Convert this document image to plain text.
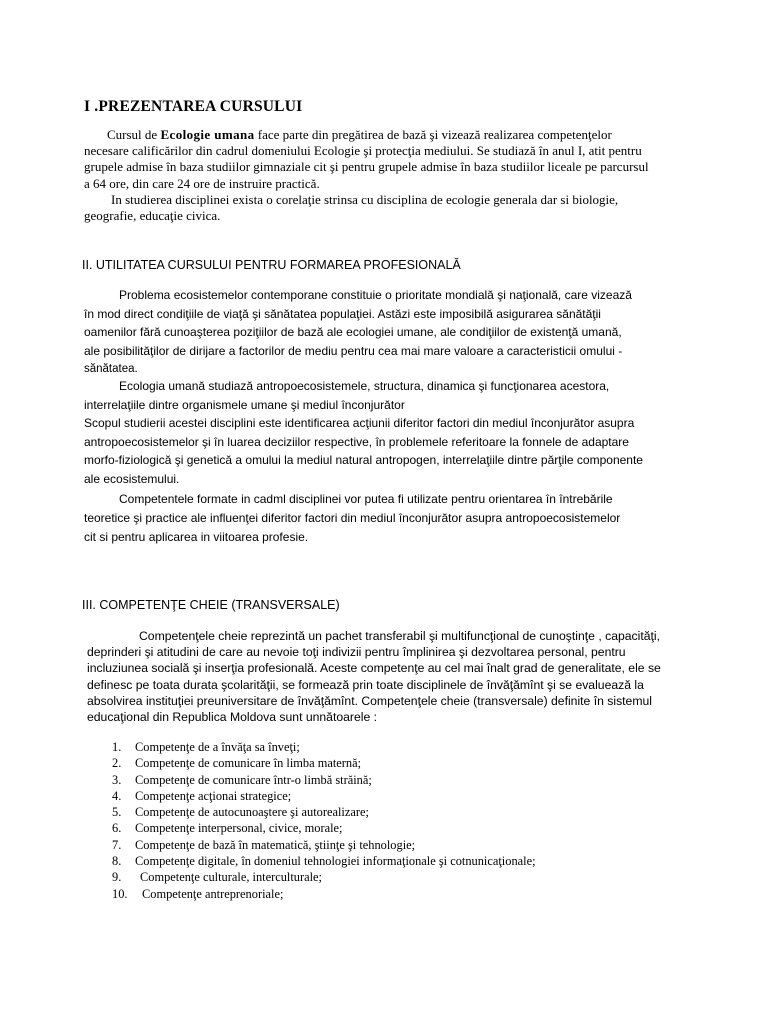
I .PREZENTAREA CURSULUI

Cursul de Ecologie umana face parte din pregătirea de bază şi vizează realizarea competenţelor
necesare calificărilor din cadrul domeniului Ecologie şi protecţia mediului. Se studiază în anul I, atit pentru
grupele admise în baza studiilor gimnaziale cit şi pentru grupele admise în baza studiilor liceale pe parcursul
a 64 ore, din care 24 ore de instruire practică.

In studierea disciplinei exista o corelaţie strinsa cu disciplina de ecologie generala dar si biologie,
geografie, educaţie civica.

II. UTILITATEA CURSULUI PENTRU FORMAREA PROFESIONALĂ

Problema ecosistemelor contemporane constituie o prioritate mondială şi naţională, care vizează
în mod direct condiţiile de viaţă şi sănătatea populaţiei. Astăzi este imposibilă asigurarea sănătăţii
oamenilor fără cunoaşterea poziţiilor de bază ale ecologiei umane, ale condiţiilor de existenţă umană,
ale posibilităţilor de dirijare a factorilor de mediu pentru cea mai mare valoare a caracteristicii omului -
sănătatea.

Ecologia umană studiază antropoecosistemele, structura, dinamica şi funcţionarea acestora,
interrelaţiile dintre organismele umane şi mediul înconjurător
Scopul studierii acestei disciplini este identificarea acţiunii diferitor factori din mediul înconjurător asupra
antropoecosistemelor şi în luarea deciziilor respective, în problemele referitoare la fonnele de adaptare
morfo-fiziologică şi genetică a omului la mediul natural antropogen, interrelaţiile dintre părţile componente
ale ecosistemului.

Competentele formate in cadml disciplinei vor putea fi utilizate pentru orientarea în întrebările
teoretice şi practice ale influenţei diferitor factori din mediul înconjurător asupra antropoecosistemelor
cit si pentru aplicarea in viitoarea profesie.

III. COMPETENŢE CHEIE (TRANSVERSALE)

Competenţele cheie reprezintă un pachet transferabil şi multifuncţional de cunoştinţe , capacităţi,
deprinderi şi atitudini de care au nevoie toţi indivizii pentru împlinirea şi dezvoltarea personal, pentru
incluziunea socială şi inserţia profesională. Aceste competenţe au cel mai înalt grad de generalitate, ele se
definesc pe toata durata şcolarităţii, se formează prin toate disciplinele de învăţămînt şi se evaluează la
absolvirea instituţiei preuniversitare de învăţămînt. Competenţele cheie (transversale) definite în sistemul
educaţional din Republica Moldova sunt unnătoarele :

1.	Competenţe de a învăţa sa înveţi;
2.	Competenţe de comunicare în limba maternă;
3.	Competenţe de comunicare într-o limbă străină;
4.	Competenţe acţionai strategice;
5.	Competenţe de autocunoaştere şi autorealizare;
6.	Competenţe interpersonal, civice, morale;
7.	Competenţe de bază în matematică, ştiinţe şi tehnologie;
8.	Competenţe digitale, în domeniul tehnologiei informaţionale şi cotnunicaţionale;
9.	Competenţe culturale, interculturale;
10.	Competenţe antreprenoriale;
